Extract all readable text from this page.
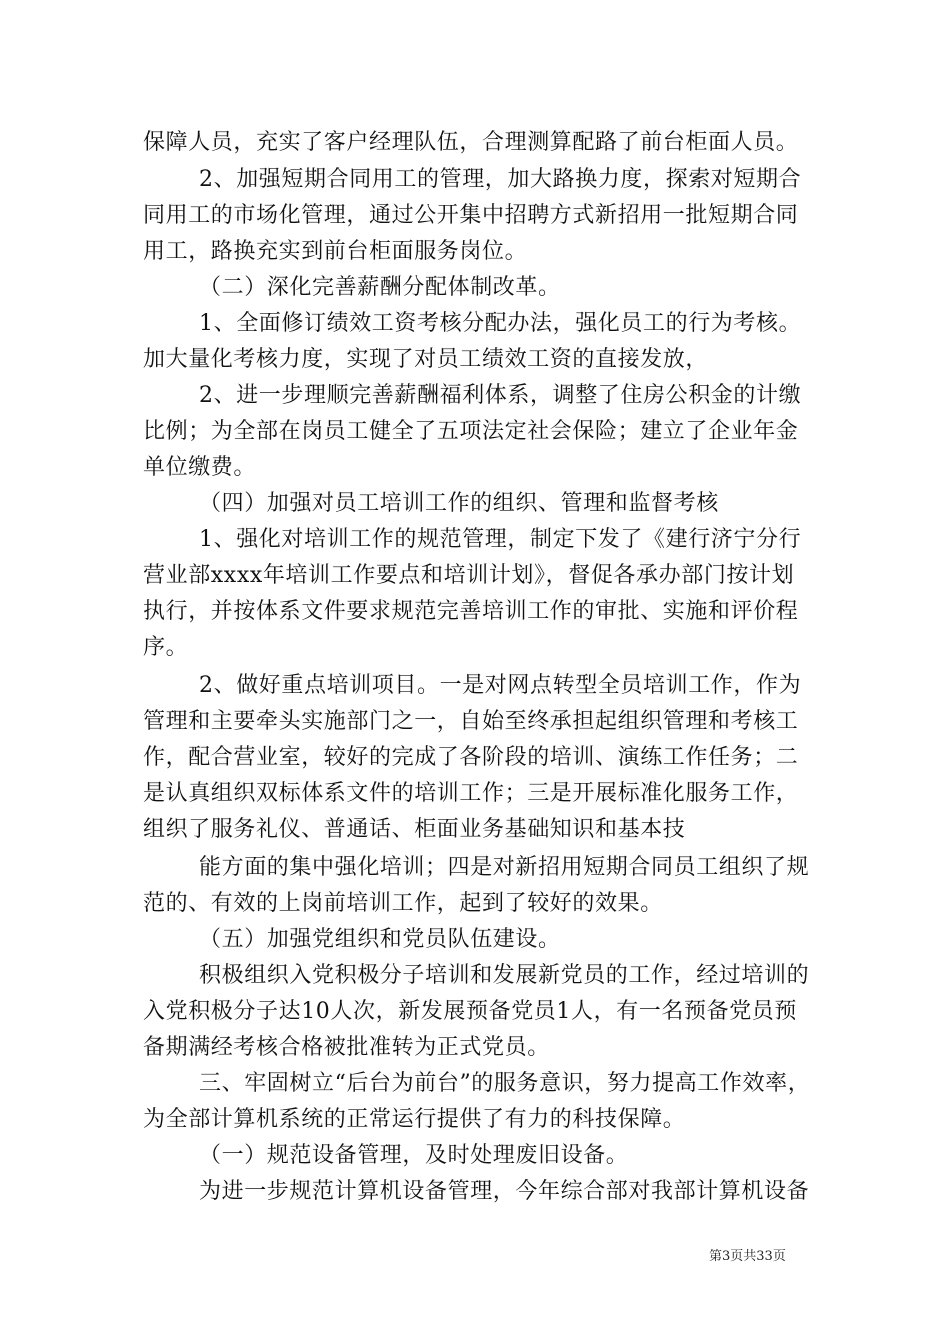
保障人员，充实了客户经理队伍，合理测算配路了前台柜面人员。
2、加强短期合同用工的管理，加大路换力度，探索对短期合
同用工的市场化管理，通过公开集中招聘方式新招用一批短期合同
用工，路换充实到前台柜面服务岗位。
（二）深化完善薪酬分配体制改革。
1、全面修订绩效工资考核分配办法，强化员工的行为考核。
加大量化考核力度，实现了对员工绩效工资的直接发放，
2、进一步理顺完善薪酬福利体系，调整了住房公积金的计缴
比例；为全部在岗员工健全了五项法定社会保险；建立了企业年金
单位缴费。
（四）加强对员工培训工作的组织、管理和监督考核
1、强化对培训工作的规范管理，制定下发了《建行济宁分行
营业部xxxx年培训工作要点和培训计划》，督促各承办部门按计划
执行，并按体系文件要求规范完善培训工作的审批、实施和评价程
序。
2、做好重点培训项目。一是对网点转型全员培训工作，作为
管理和主要牵头实施部门之一，自始至终承担起组织管理和考核工
作，配合营业室，较好的完成了各阶段的培训、演练工作任务；二
是认真组织双标体系文件的培训工作；三是开展标准化服务工作，
组织了服务礼仪、普通话、柜面业务基础知识和基本技
能方面的集中强化培训；四是对新招用短期合同员工组织了规
范的、有效的上岗前培训工作，起到了较好的效果。
（五）加强党组织和党员队伍建设。
积极组织入党积极分子培训和发展新党员的工作，经过培训的
入党积极分子达10人次，新发展预备党员1人，有一名预备党员预
备期满经考核合格被批准转为正式党员。
三、牢固树立“后台为前台”的服务意识，努力提高工作效率，
为全部计算机系统的正常运行提供了有力的科技保障。
（一）规范设备管理，及时处理废旧设备。
为进一步规范计算机设备管理，今年综合部对我部计算机设备
第3页共33页
